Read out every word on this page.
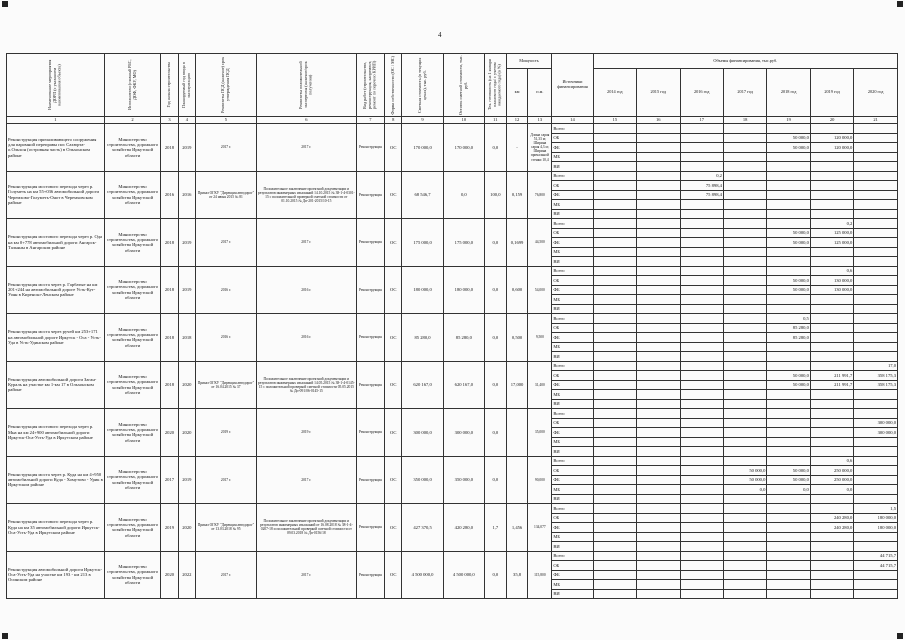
4
Наименование мероприятия ДОРП (с указанием наименования объекта)	Исполнители (главный РБС, ДОФ, ФКУ, МО)	Год начала строительства	Планируемый год ввода в эксплуатацию	Реквизиты ПСД (наличие) срок утверждения ПСД	Реквизиты положительной экспертизы (наличие/срок получения)	Вид работ (строительство, реконструкция, капремонт, ремонт по перечню КРИП)	Форма собственности (ОС / МС)	Сметная стоимость (в текущих ценах), тыс. руб.	Остаток сметной стоимости, тыс. руб.	Тех. готовность (на 1 января планового года/ с учетом ожидаемого года) (в %)	Мощность		Источники финансирования	Объемы финансирования, тыс.руб.						
											км	п.м.		2014 год	2015 год	2016 год	2017 год	2018 год	2019 год	2020 год
1	2	3	4	5	6	7	8	9	10	11	12	13	14	15	16	17	18	19	20	21
Реконструкция причаливающего сооружения для паромной переправы пос Сахюрта-о.Ольхон (островная часть) в Ольхонском районе	Министерство строительства, дорожного хозяйства Иркутской области	2018	2019	2017 г.	2017 г.	Реконструкция	ОС	170 000,0	170 000,0	0,0	-	Длина сарая 51,33 м; Ширина сарая 4,3 м; Ширина причальной стенки 10,4	Всего							
													ОБ					50 000,0	120 000,0	
													ФБ					50 000,0	120 000,0	
													МБ							
													ВИ							
Реконструкция мостового перехода через р. Голуметь на км 55+036 автомобильной дороги Черемхово-Голуметь-Онот в Черемховском районе	Министерство строительства, дорожного хозяйства Иркутской области	2016	2016	Приказ ОГКУ "Дирекция автодорог" от 24 июня 2015 № 81	Положительное заключение проектной документации и результатов инженерных изысканий 14.10.2015 № 38-1-4-0301-15 с положительной проверкой сметной стоимости от 01.10.2015 № Дп-201-2015/10-15	Реконструкция	ОС	68 546,7	0,0	100,0	0,159	76,800	Всего			0,2				
													ОБ			75 898,4				
													ФБ			75 898,4				
													МБ							
													ВИ							
Реконструкция мостового перехода через р. Ода на км 0+778 автомобильной дороги Ангарск-Тальяны в Ангарском районе	Министерство строительства, дорожного хозяйства Иркутской области	2018	2019	2017 г.	2017 г.	Реконструкция	ОС	175 000,0	175 000,0	0,0	0,1699	44,500	Всего						0,2	
													ОБ					50 000,0	125 000,0	
													ФБ					50 000,0	125 000,0	
													МБ							
													ВИ							
Реконструкция моста через р. Гарбатые на км 201+244 на автомобильной дороге Усть-Кут-Уоян в Киренско-Ленском районе	Министерство строительства, дорожного хозяйства Иркутской области	2018	2019	2016 г.	2016 г.	Реконструкция	ОС	180 000,0	180 000,0	0,0	0,600	54,000	Всего						0,6	
													ОБ					50 000,0	130 000,0	
													ФБ					50 000,0	130 000,0	
													МБ							
													ВИ							
Реконструкция моста через ручей км 253+171 на автомобильной дороге Иркутск - Оса - Усть-Уда в Усть-Удинском районе	Министерство строительства, дорожного хозяйства Иркутской области	2018	2018	2016 г.	2016 г.	Реконструкция	ОС	85 280,0	85 280,0	0,0	0,500	9,500	Всего					0,5		
													ОБ					85 280,0		
													ФБ					85 280,0		
													МБ							
													ВИ							
Реконструкция автомобильной дороги Заган-Кураль на участке км 1-км 17 в Ольхонском районе	Министерство строительства, дорожного хозяйства Иркутской области	2018	2020	Приказ ОГКУ "Дирекция автодорог" от 16.04.2015 № 37	Положительное заключение проектной документации и результатов инженерных изысканий 14.05.2015 № 38-1-4-0145-15 с положительной проверкой сметной стоимости 05.05.2015 № Дп-091/06-0145-15	Реконструкция	ОС	620 167,0	620 167,0	0,0	17,000	31,400	Всего							17,0
													ОБ					50 000,0	211 991,7	358 175,3
													ФБ					50 000,0	211 991,7	358 175,3
													МБ							
													ВИ							
Реконструкция мостового перехода через р. Мна на км 24+900 автомобильной дороги Иркутск-Оса-Усть-Уда в Иркутском районе	Министерство строительства, дорожного хозяйства Иркутской области	2020	2020	2019 г.	2019 г.	Реконструкция	ОС	300 000,0	300 000,0	0,0		35,000	Всего							
													ОБ							300 000,0
													ФБ							300 000,0
													МБ							
													ВИ							
Реконструкция моста через р. Куда на км 4+950 автомобильной дороги Куда - Хомутово - Урик в Иркутском районе	Министерство строительства, дорожного хозяйства Иркутской области	2017	2019	2017 г.	2017 г.	Реконструкция	ОС	350 000,0	350 000,0	0,0		90,000	Всего						0,6	
													ОБ				50 000,0	50 000,0	250 000,0	
													ФБ				50 000,0	50 000,0	250 000,0	
													МБ				0,0	0,0	0,0	
													ВИ							
Реконструкция мостового перехода через р. Куда на км 35 автомобильной дороги Иркутск-Оса-Усть-Уда в Иркутском районе	Министерство строительства, дорожного хозяйства Иркутской области	2019	2020	Приказ ОГКУ "Дирекция автодорог" от 13.03.2018 № 95	Положительное заключение проектной документации и результатов инженерных изысканий от 16.08.2018 № 38-1-4-0207-18 и положительной проверкой сметной стоимости от 09.03.2018 № Дп-0156/18	Реконструкция	ОС	427 370,5	420 280,0	1,7	1,456	134,077	Всего							1,5
													ОБ						240 280,0	180 000,0
													ФБ						240 280,0	180 000,0
													МБ							
													ВИ							
Реконструкция автомобильной дороги Иркутск-Оса-Усть-Уда на участке км 193 - км 213 в Осинском районе	Министерство строительства, дорожного хозяйства Иркутской области	2020	2022	2017 г.	2017 г.	Реконструкция	ОС	4 500 000,0	4 500 000,0	0,0	35,8	115,800	Всего							44 715,7
													ОБ							44 715,7
													ФБ							
													МБ							
													ВИ							
